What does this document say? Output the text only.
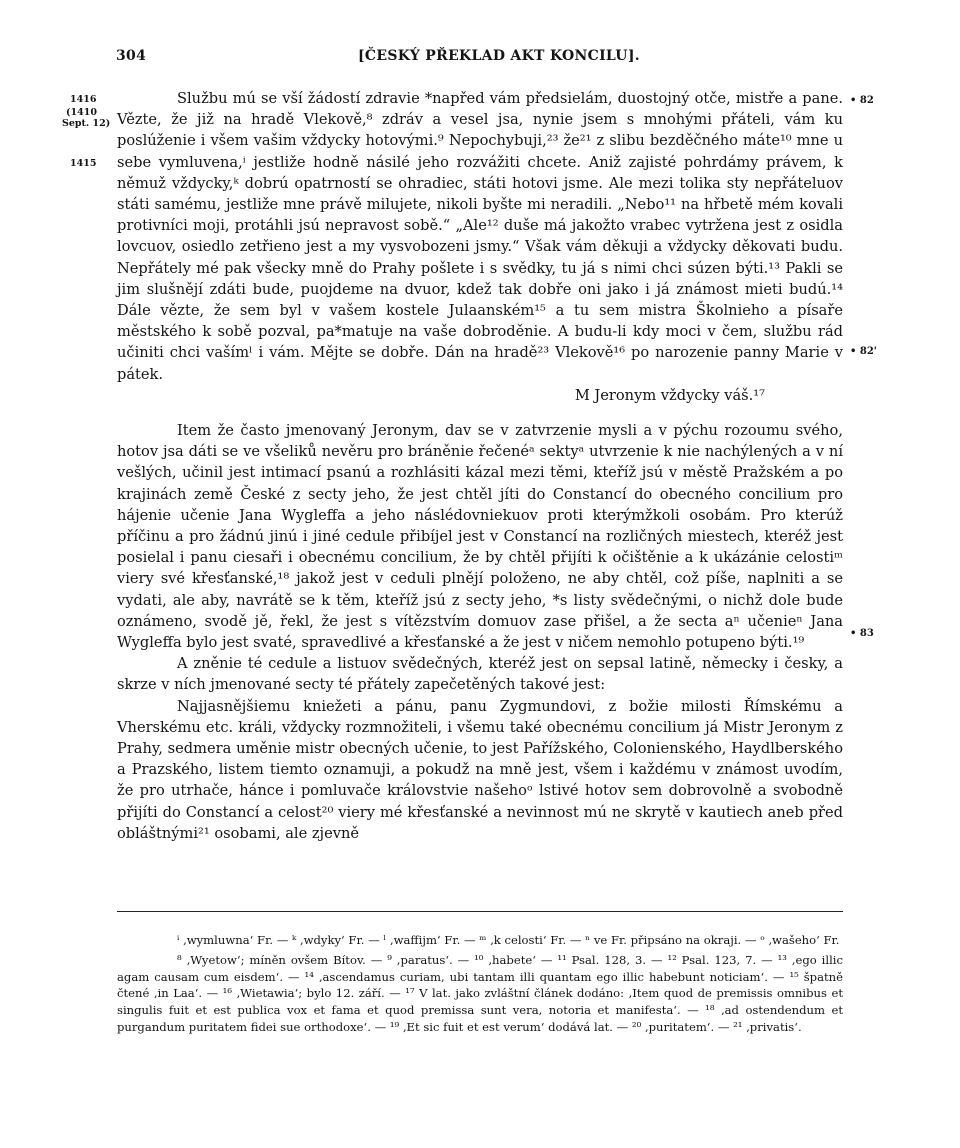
304	[ČESKÝ PŘEKLAD AKT KONCILU].
1416
(1410
Sept. 12)
1415
• 82
• 82'
• 83

Službu mú se vší žádostí zdravie *napřed vám předsielám, duostojný otče, mistře a pane. Vězte, že již na hradě Vlekově,⁸ zdráv a vesel jsa, nynie jsem s mnohými přáteli, vám ku poslúženie i všem vašim vždycky hotovými.⁹ Nepochybuji,²³ že²¹ z slibu bezděčného máte¹⁰ mne u sebe vymluvena,ⁱ jestliže hodně násilé jeho rozvážiti chcete. Aniž zajisté pohrdámy právem, k němuž vždycky,ᵏ dobrú opatrností se ohradiec, státi hotovi jsme. Ale mezi tolika sty nepřáteluov státi samému, jestliže mne právě milujete, nikoli byšte mi neradili. „Nebo¹¹ na hřbetě mém kovali protivníci moji, protáhli jsú nepravost sobě.“ „Ale¹² duše má jakožto vrabec vytržena jest z osidla lovcuov, osiedlo zetřieno jest a my vysvobozeni jsmy.“ Však vám děkuji a vždycky děkovati budu. Nepřátely mé pak všecky mně do Prahy pošlete i s svědky, tu já s nimi chci súzen býti.¹³ Pakli se jim slušnějí zdáti bude, puojdeme na dvuor, kdež tak dobře oni jako i já známost mieti budú.¹⁴ Dále vězte, že sem byl v vašem kostele Julaanském¹⁵ a tu sem mistra Školnieho a písaře městského k sobě pozval, pa*matuje na vaše dobroděnie. A budu-li kdy moci v čem, službu rád učiniti chci vašímˡ i vám. Mějte se dobře. Dán na hradě²³ Vlekově¹⁶ po narozenie panny Marie v pátek.

M Jeronym vždycky váš.¹⁷

Item že často jmenovaný Jeronym, dav se v zatvrzenie mysli a v pýchu rozoumu svého, hotov jsa dáti se ve všeliků nevěru pro bráněnie řečenéᵃ sektyᵃ utvrzenie k nie nachýlených a v ní vešlých, učinil jest intimací psanú a rozhlásiti kázal mezi těmi, kteříž jsú v městě Pražském a po krajinách země České z secty jeho, že jest chtěl jíti do Constancí do obecného concilium pro hájenie učenie Jana Wygleffa a jeho náslédovniekuov proti kterýmžkoli osobám. Pro kterúž příčinu a pro žádnú jinú i jiné cedule přibíjel jest v Constancí na rozličných miestech, kteréž jest posielal i panu ciesaři i obecnému concilium, že by chtěl přijíti k očištěnie a k ukázánie celostiᵐ viery své křesťanské,¹⁸ jakož jest v ceduli plnějí položeno, ne aby chtěl, což píše, naplniti a se vydati, ale aby, navrátě se k těm, kteříž jsú z secty jeho, *s listy svědečnými, o nichž dole bude oznámeno, svodě jě, řekl, že jest s vítězstvím domuov zase přišel, a že secta aⁿ učenieⁿ Jana Wygleffa bylo jest svaté, spravedlivé a křesťanské a že jest v ničem nemohlo potupeno býti.¹⁹

A zněnie té cedule a listuov svědečných, kteréž jest on sepsal latině, německy i česky, a skrze v ních jmenované secty té přátely zapečetěných takové jest:

Najjasnějšiemu kniežeti a pánu, panu Zygmundovi, z božie milosti Římskému a Vherskému etc. králi, vždycky rozmnožiteli, i všemu také obecnému concilium já Mistr Jeronym z Prahy, sedmera uměnie mistr obecných učenie, to jest Pařížského, Colonienského, Haydlberského a Prazského, listem tiemto oznamuji, a pokudž na mně jest, všem i každému v známost uvodím, že pro utrhače, hánce i pomluvače královstvie našehoᵒ lstivé hotov sem dobrovolně a svobodně přijíti do Constancí a celost²⁰ viery mé křesťanské a nevinnost mú ne skrytě v kautiech aneb před obláštnými²¹ osobami, ale zjevně

ⁱ ‚wymluwna‘ Fr. — ᵏ ‚wdyky‘ Fr. — ˡ ‚waffijm‘ Fr. — ᵐ ‚k celosti‘ Fr. — ⁿ ve Fr. připsáno na okraji. — ᵒ ‚wašeho‘ Fr.

⁸ ‚Wyetow‘; míněn ovšem Bítov. — ⁹ ‚paratus‘. — ¹⁰ ‚habete‘ — ¹¹ Psal. 128, 3. — ¹² Psal. 123, 7. — ¹³ ‚ego illic agam causam cum eisdem‘. — ¹⁴ ‚ascendamus curiam, ubi tantam illi quantam ego illic habebunt noticiam‘. — ¹⁵ špatně čtené ‚in Laa‘. — ¹⁶ ‚Wietawia‘; bylo 12. září. — ¹⁷ V lat. jako zvláštní článek dodáno: ‚Item quod de premissis omnibus et singulis fuit et est publica vox et fama et quod premissa sunt vera, notoria et manifesta‘. — ¹⁸ ‚ad ostendendum et purgandum puritatem fidei sue orthodoxe‘. — ¹⁹ ‚Et sic fuit et est verum‘ dodává lat. — ²⁰ ‚puritatem‘. — ²¹ ‚privatis‘.
